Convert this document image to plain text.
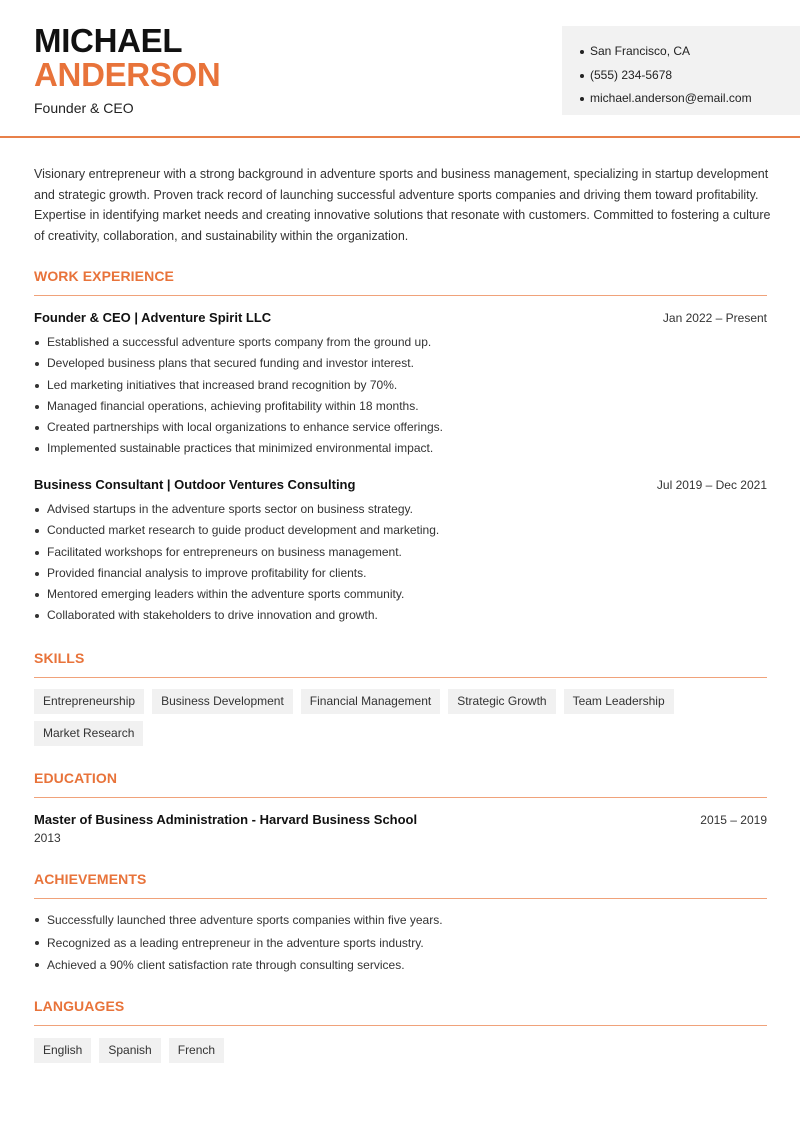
MICHAEL
ANDERSON
Founder & CEO
San Francisco, CA
(555) 234-5678
michael.anderson@email.com

Visionary entrepreneur with a strong background in adventure sports and business management, specializing in startup development and strategic growth. Proven track record of launching successful adventure sports companies and driving them toward profitability. Expertise in identifying market needs and creating innovative solutions that resonate with customers. Committed to fostering a culture of creativity, collaboration, and sustainability within the organization.

WORK EXPERIENCE
Founder & CEO | Adventure Spirit LLC	Jan 2022 – Present
Established a successful adventure sports company from the ground up.
Developed business plans that secured funding and investor interest.
Led marketing initiatives that increased brand recognition by 70%.
Managed financial operations, achieving profitability within 18 months.
Created partnerships with local organizations to enhance service offerings.
Implemented sustainable practices that minimized environmental impact.
Business Consultant | Outdoor Ventures Consulting	Jul 2019 – Dec 2021
Advised startups in the adventure sports sector on business strategy.
Conducted market research to guide product development and marketing.
Facilitated workshops for entrepreneurs on business management.
Provided financial analysis to improve profitability for clients.
Mentored emerging leaders within the adventure sports community.
Collaborated with stakeholders to drive innovation and growth.
SKILLS
Entrepreneurship	Business Development	Financial Management	Strategic Growth	Team Leadership
Market Research
EDUCATION
Master of Business Administration - Harvard Business School	2015 – 2019
2013
ACHIEVEMENTS
Successfully launched three adventure sports companies within five years.
Recognized as a leading entrepreneur in the adventure sports industry.
Achieved a 90% client satisfaction rate through consulting services.
LANGUAGES
English	Spanish	French
